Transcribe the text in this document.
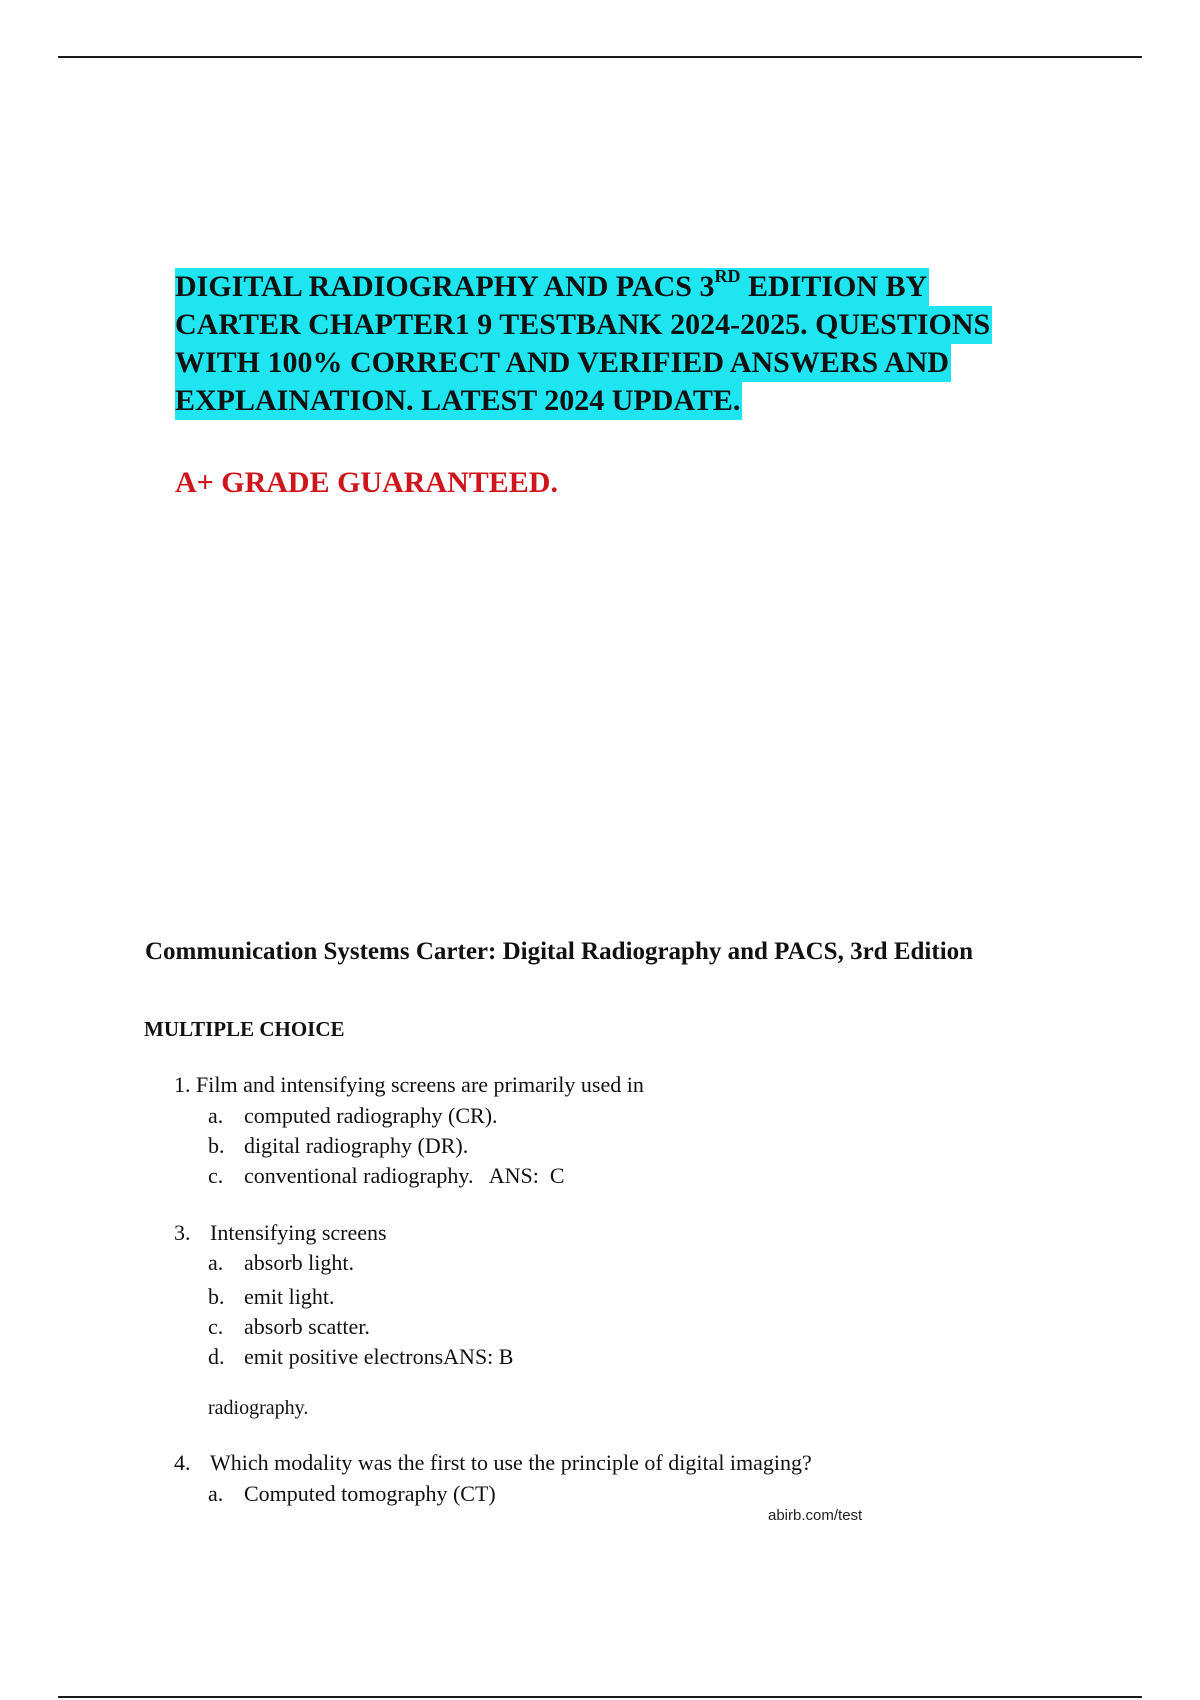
DIGITAL RADIOGRAPHY AND PACS 3RD EDITION BY
CARTER CHAPTER1 9 TESTBANK 2024-2025. QUESTIONS
WITH 100% CORRECT AND VERIFIED ANSWERS AND
EXPLAINATION. LATEST 2024 UPDATE.
A+ GRADE GUARANTEED.
Communication Systems Carter: Digital Radiography and PACS, 3rd Edition
MULTIPLE CHOICE
1. Film and intensifying screens are primarily used in
a. computed radiography (CR).
b. digital radiography (DR).
c. conventional radiography.   ANS:  C
3. Intensifying screens
a. absorb light.
b. emit light.
c. absorb scatter.
d. emit positive electronsANS: B
radiography.
4. Which modality was the first to use the principle of digital imaging?
a. Computed tomography (CT)
abirb.com/test
